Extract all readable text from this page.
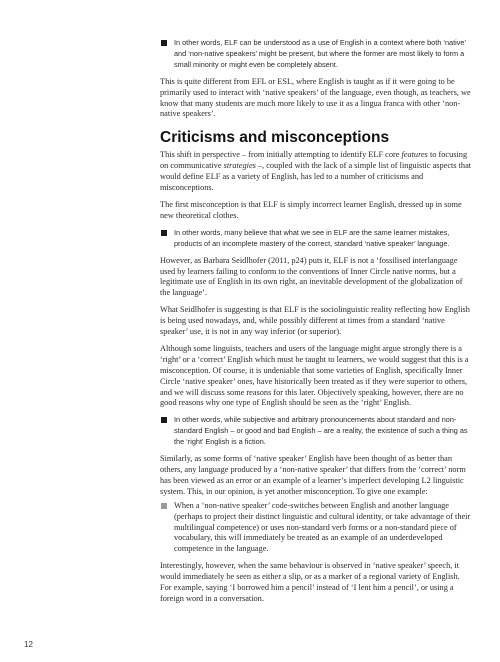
In other words, ELF can be understood as a use of English in a context where both ‘native’ and ‘non-native speakers’ might be present, but where the former are most likely to form a small minority or might even be completely absent.

This is quite different from EFL or ESL, where English is taught as if it were going to be primarily used to interact with ‘native speakers’ of the language, even though, as teachers, we know that many students are much more likely to use it as a lingua franca with other ‘non-native speakers’.

Criticisms and misconceptions

This shift in perspective – from initially attempting to identify ELF core features to focusing on communicative strategies –, coupled with the lack of a simple list of linguistic aspects that would define ELF as a variety of English, has led to a number of criticisms and misconceptions.

The first misconception is that ELF is simply incorrect learner English, dressed up in some new theoretical clothes.

In other words, many believe that what we see in ELF are the same learner mistakes, products of an incomplete mastery of the correct, standard ‘native speaker’ language.

However, as Barbara Seidlhofer (2011, p24) puts it, ELF is not a ‘fossilised interlanguage used by learners failing to conform to the conventions of Inner Circle native norms, but a legitimate use of English in its own right, an inevitable development of the globalization of the language’.

What Seidlhofer is suggesting is that ELF is the sociolinguistic reality reflecting how English is being used nowadays, and, while possibly different at times from a standard ‘native speaker’ use, it is not in any way inferior (or superior).

Although some linguists, teachers and users of the language might argue strongly there is a ‘right’ or a ‘correct’ English which must be taught to learners, we would suggest that this is a misconception. Of course, it is undeniable that some varieties of English, specifically Inner Circle ‘native speaker’ ones, have historically been treated as if they were superior to others, and we will discuss some reasons for this later. Objectively speaking, however, there are no good reasons why one type of English should be seen as the ‘right’ English.

In other words, while subjective and arbitrary pronouncements about standard and non-standard English – or good and bad English – are a reality, the existence of such a thing as the ‘right’ English is a fiction.

Similarly, as some forms of ‘native speaker’ English have been thought of as better than others, any language produced by a ‘non-native speaker’ that differs from the ‘correct’ norm has been viewed as an error or an example of a learner’s imperfect developing L2 linguistic system. This, in our opinion, is yet another misconception. To give one example:

When a ‘non-native speaker’ code-switches between English and another language (perhaps to project their distinct linguistic and cultural identity, or take advantage of their multilingual competence) or uses non-standard verb forms or a non-standard piece of vocabulary, this will immediately be treated as an example of an underdeveloped competence in the language.

Interestingly, however, when the same behaviour is observed in ‘native speaker’ speech, it would immediately be seen as either a slip, or as a marker of a regional variety of English. For example, saying ‘I borrowed him a pencil’ instead of ‘I lent him a pencil’, or using a foreign word in a conversation.

12
